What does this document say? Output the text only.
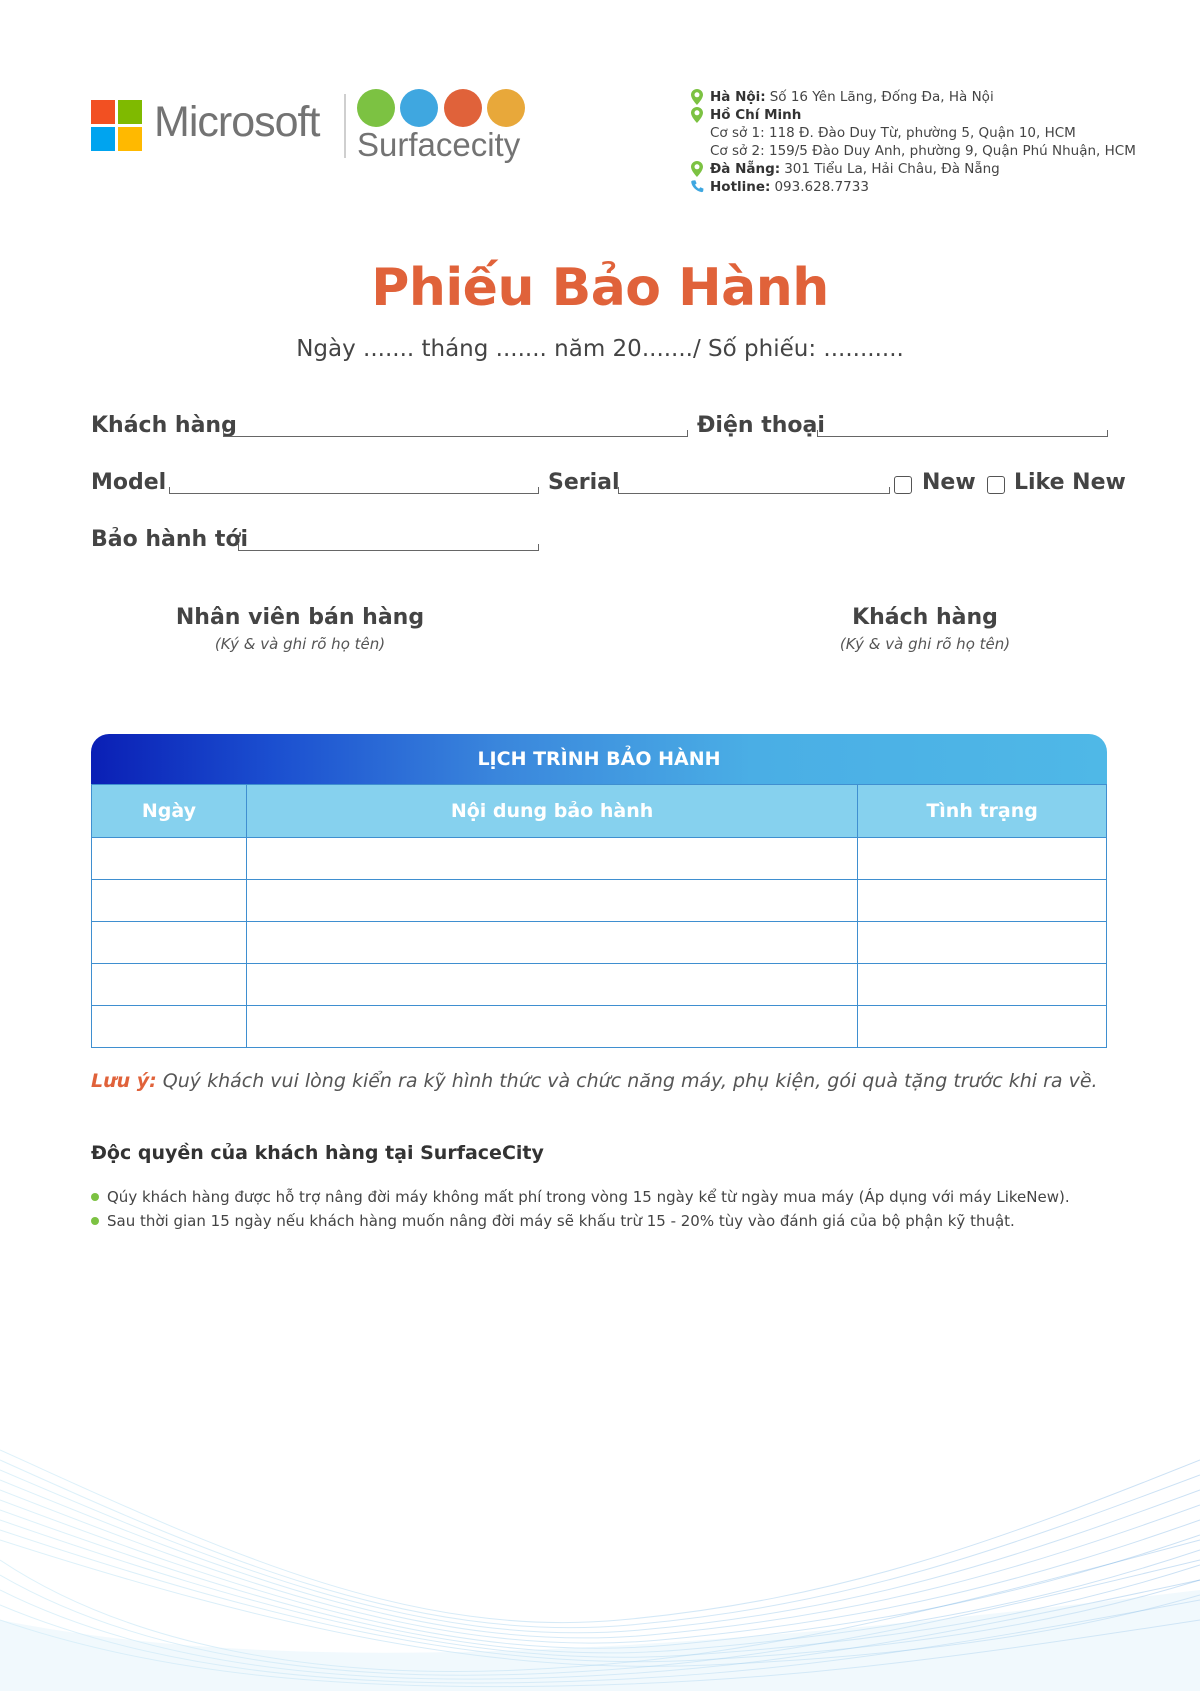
Microsoft Surfacecity
Hà Nội: Số 16 Yên Lãng, Đống Đa, Hà Nội
Hồ Chí Minh
Cơ sở 1: 118 Đ. Đào Duy Từ, phường 5, Quận 10, HCM
Cơ sở 2: 159/5 Đào Duy Anh, phường 9, Quận Phú Nhuận, HCM
Đà Nẵng: 301 Tiểu La, Hải Châu, Đà Nẵng
Hotline: 093.628.7733
Phiếu Bảo Hành
Ngày ....... tháng ....... năm 20......./ Số phiếu: ...........
Khách hàng	Điện thoại
Model	Serial	New Like New
Bảo hành tới
Nhân viên bán hàng
(Ký & và ghi rõ họ tên)
Khách hàng
(Ký & và ghi rõ họ tên)
LỊCH TRÌNH BẢO HÀNH
Ngày	Nội dung bảo hành	Tình trạng

Lưu ý: Quý khách vui lòng kiển ra kỹ hình thức và chức năng máy, phụ kiện, gói quà tặng trước khi ra về.
Độc quyền của khách hàng tại SurfaceCity
Qúy khách hàng được hỗ trợ nâng đời máy không mất phí trong vòng 15 ngày kể từ ngày mua máy (Áp dụng với máy LikeNew).
Sau thời gian 15 ngày nếu khách hàng muốn nâng đời máy sẽ khấu trừ 15 - 20% tùy vào đánh giá của bộ phận kỹ thuật.
